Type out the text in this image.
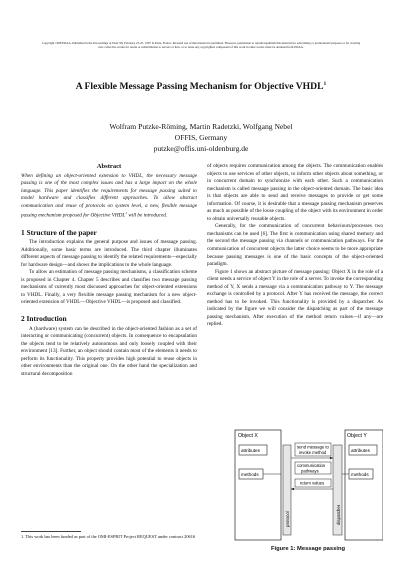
Copyright 1998 EDAA. Published in the Proceedings of Date' 98, February 23-25, 1997 in Paris, France. Personal use of this material is permitted. However, permission to reprint/republish this material for advertising or promotional purposes or for creating new collective works for resale or redistribution to servers or lists, or to reuse any copyrighted component of this work in other works, must be obtained from EDAA.
A Flexible Message Passing Mechanism for Objective VHDL$^1$
Wolfram Putzke-Röming, Martin Radetzki, Wolfgang Nebel
OFFIS, Germany
putzke@offis.uni-oldenburg.de
Abstract

When defining an object-oriented extension to VHDL, the necessary message passing is one of the most complex issues and has a large impact on the whole language. This paper identifies the requirements for message passing suited to model hardware and classifies different approaches. To allow abstract communication and reuse of protocols on system level, a new, flexible message passing mechanism proposed for Objective VHDL$^1$ will be introduced.

1 Structure of the paper

The introduction explains the general purpose and issues of message passing. Additionally, some basic terms are introduced. The third chapter illuminates different aspects of message passing to identify the related requirements—especially for hardware design—and shows the implications to the whole language.

To allow an estimation of message passing mechanisms, a classification scheme is proposed in Chapter 4. Chapter 5 describes and classifies two message passing mechanisms of currently most discussed approaches for object-oriented extensions to VHDL. Finally, a very flexible message passing mechanism for a new object-oriented extension of VHDL—Objective VHDL—is proposed and classified.

2 Introduction

A (hardware) system can be described in the object-oriented fashion as a set of interacting or communicating (concurrent) objects. In consequence to encapsulation the objects tend to be relatively autonomous and only loosely coupled with their environment [13]. Further, an object should contain most of the elements it needs to perform its functionality. This property provides high potential to reuse objects in other environments than the original one. On the other hand the specialization and structural decomposition

of objects requires communication among the objects. The communication enables objects to use services of other objects, to inform other objects about something, or in concurrent domain to synchronize with each other. Such a communication mechanism is called message passing in the object-oriented domain. The basic idea is that objects are able to send and receive messages to provide or get some information. Of course, it is desirable that a message passing mechanism preserves as much as possible of the loose coupling of the object with its environment in order to obtain universally reusable objects.

Generally, for the communication of concurrent behaviours/processes two mechanisms can be used [6]. The first is communication using shared memory and the second the message passing via channels or communication pathways. For the communication of concurrent objects the latter choice seems to be more appropriate because passing messages is one of the basic concepts of the object-oriented paradigm.

Figure 1 shows an abstract picture of message passing: Object X in the role of a client needs a service of object Y in the role of a server. To invoke the corresponding method of Y, X sends a message via a communication pathway to Y. The message exchange is controlled by a protocol. After Y has received the message, the correct method has to be invoked. This functionality is provided by a dispatcher. As indicated by the figure we will consider the dispatching as part of the message passing mechanism. After execution of the method return values—if any—are replied.

1. This work has been funded as part of the OMI-ESPRIT Project REQUEST under contract 20616
Object X
attributes
methods
Object Y
attributes
methods
protocol	dispatcher
send message to
invoke method
communication
pathways
return values
Figure 1: Message passing
